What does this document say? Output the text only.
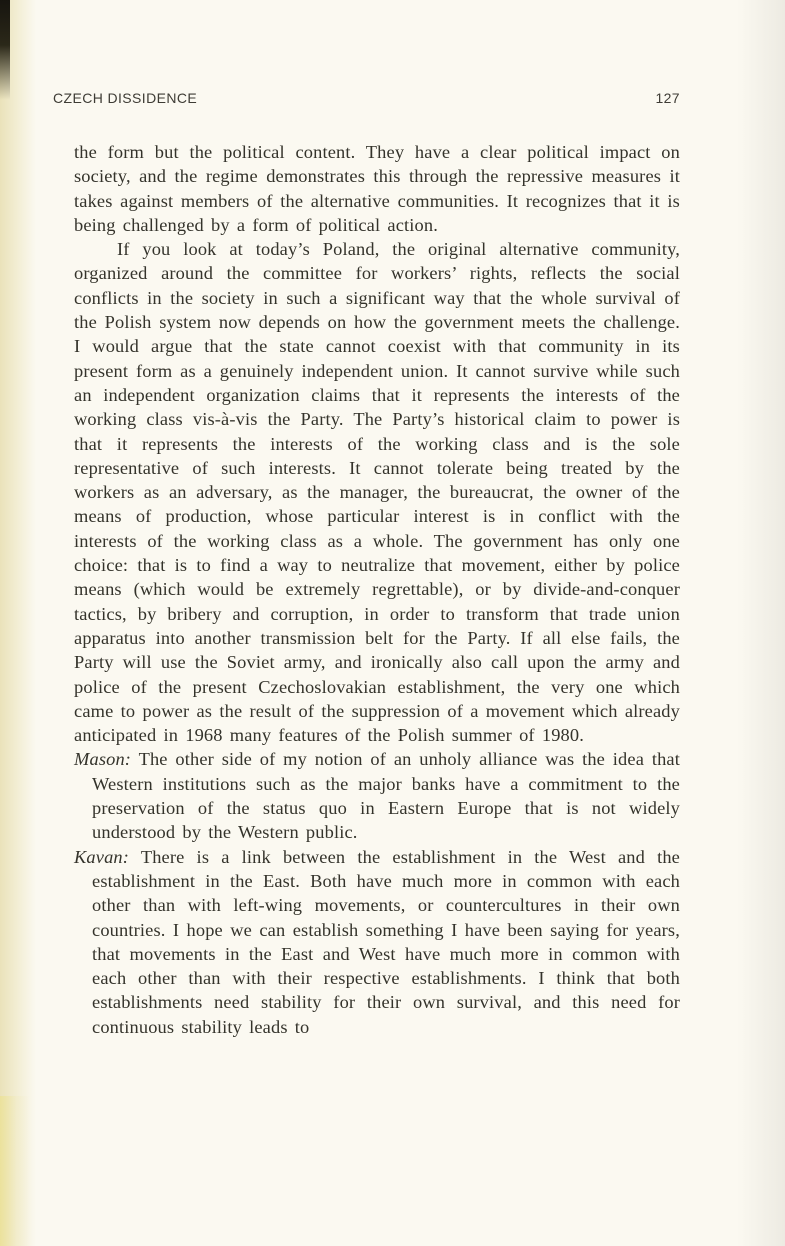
CZECH DISSIDENCE	127

the form but the political content. They have a clear political impact on society, and the regime demonstrates this through the repressive measures it takes against members of the alternative communities. It recognizes that it is being challenged by a form of political action.

If you look at today’s Poland, the original alternative community, organized around the committee for workers’ rights, reflects the social conflicts in the society in such a significant way that the whole survival of the Polish system now depends on how the government meets the challenge. I would argue that the state cannot coexist with that community in its present form as a genuinely independent union. It cannot survive while such an independent organization claims that it represents the interests of the working class vis-à-vis the Party. The Party’s historical claim to power is that it represents the interests of the working class and is the sole representative of such interests. It cannot tolerate being treated by the workers as an adversary, as the manager, the bureaucrat, the owner of the means of production, whose particular interest is in conflict with the interests of the working class as a whole. The government has only one choice: that is to find a way to neutralize that movement, either by police means (which would be extremely regrettable), or by divide-and-conquer tactics, by bribery and corruption, in order to transform that trade union apparatus into another transmission belt for the Party. If all else fails, the Party will use the Soviet army, and ironically also call upon the army and police of the present Czechoslovakian establishment, the very one which came to power as the result of the suppression of a movement which already anticipated in 1968 many features of the Polish summer of 1980.

Mason: The other side of my notion of an unholy alliance was the idea that Western institutions such as the major banks have a commitment to the preservation of the status quo in Eastern Europe that is not widely understood by the Western public.

Kavan: There is a link between the establishment in the West and the establishment in the East. Both have much more in common with each other than with left-wing movements, or countercultures in their own countries. I hope we can establish something I have been saying for years, that movements in the East and West have much more in common with each other than with their respective establishments. I think that both establishments need stability for their own survival, and this need for continuous stability leads to
